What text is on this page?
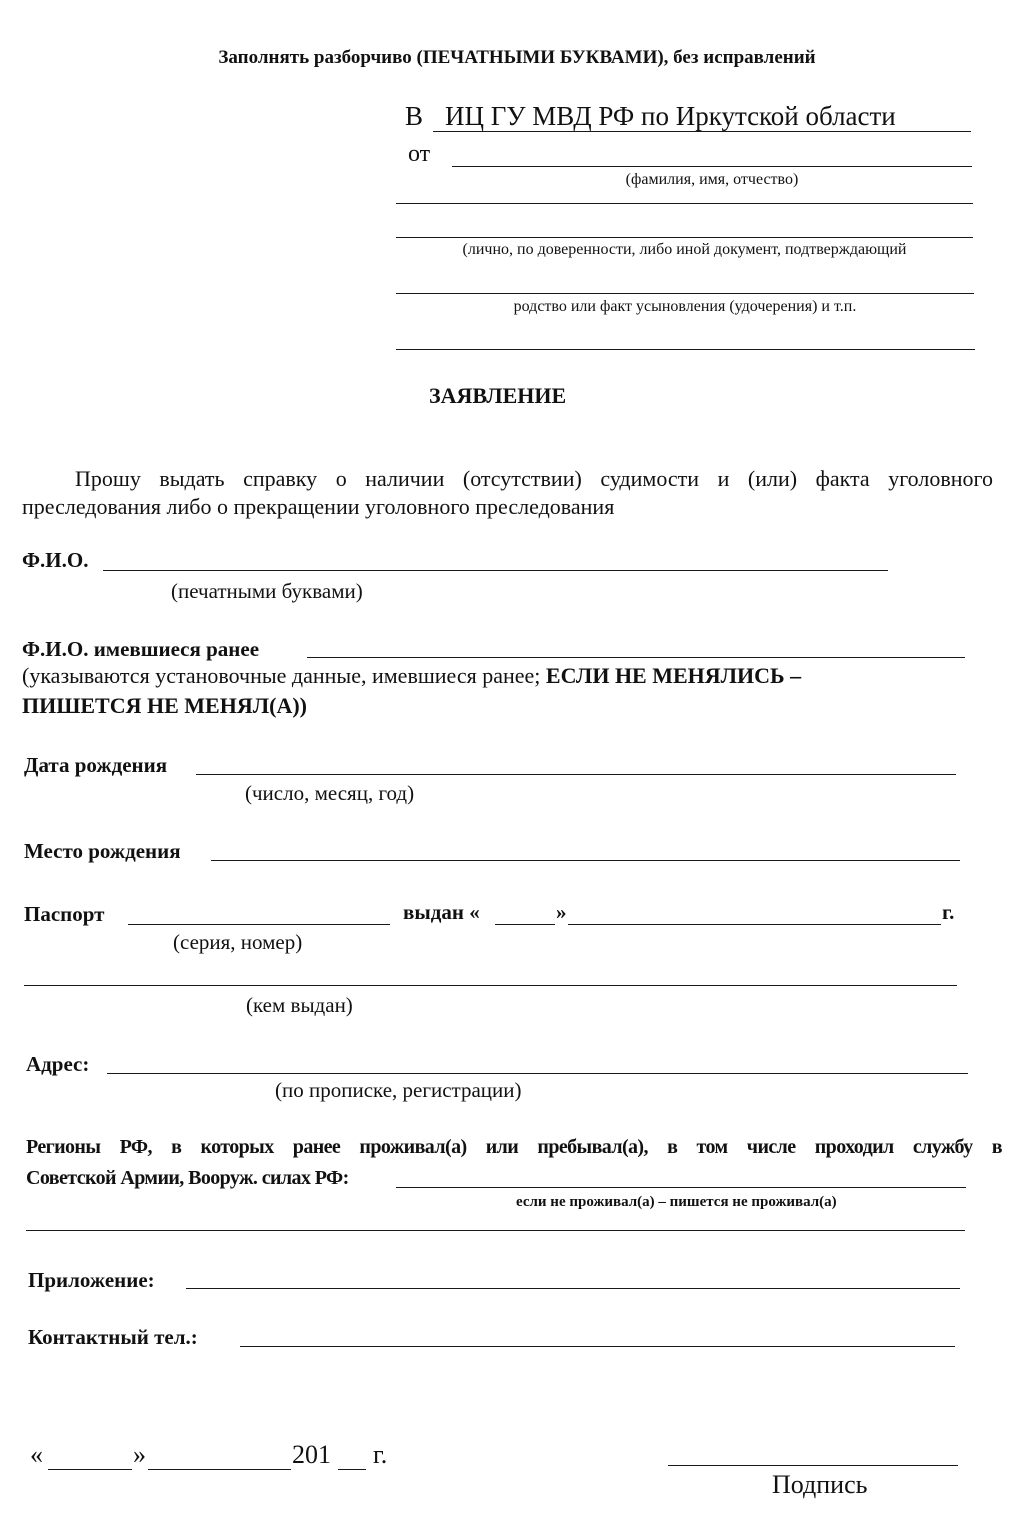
Заполнять разборчиво (ПЕЧАТНЫМИ БУКВАМИ), без исправлений
В ИЦ ГУ МВД РФ по Иркутской области
от
(фамилия, имя, отчество)
(лично, по доверенности, либо иной документ, подтверждающий
родство или факт усыновления (удочерения) и т.п.
ЗАЯВЛЕНИЕ
Прошу выдать справку о наличии (отсутствии) судимости и (или) факта уголовного
преследования либо о прекращении уголовного преследования
Ф.И.О.
(печатными буквами)
Ф.И.О. имевшиеся ранее
(указываются установочные данные, имевшиеся ранее; ЕСЛИ НЕ МЕНЯЛИСЬ –
ПИШЕТСЯ НЕ МЕНЯЛ(А))
Дата рождения
(число, месяц, год)
Место рождения
Паспорт	выдан «	»	г.
(серия, номер)
(кем выдан)
Адрес:
(по прописке, регистрации)
Регионы РФ, в которых ранее проживал(а) или пребывал(а), в том числе проходил службу в
Советской Армии, Вооруж. силах РФ:
если не проживал(а) – пишется не проживал(а)
Приложение:
Контактный тел.:
«	»	201 г.
Подпись
